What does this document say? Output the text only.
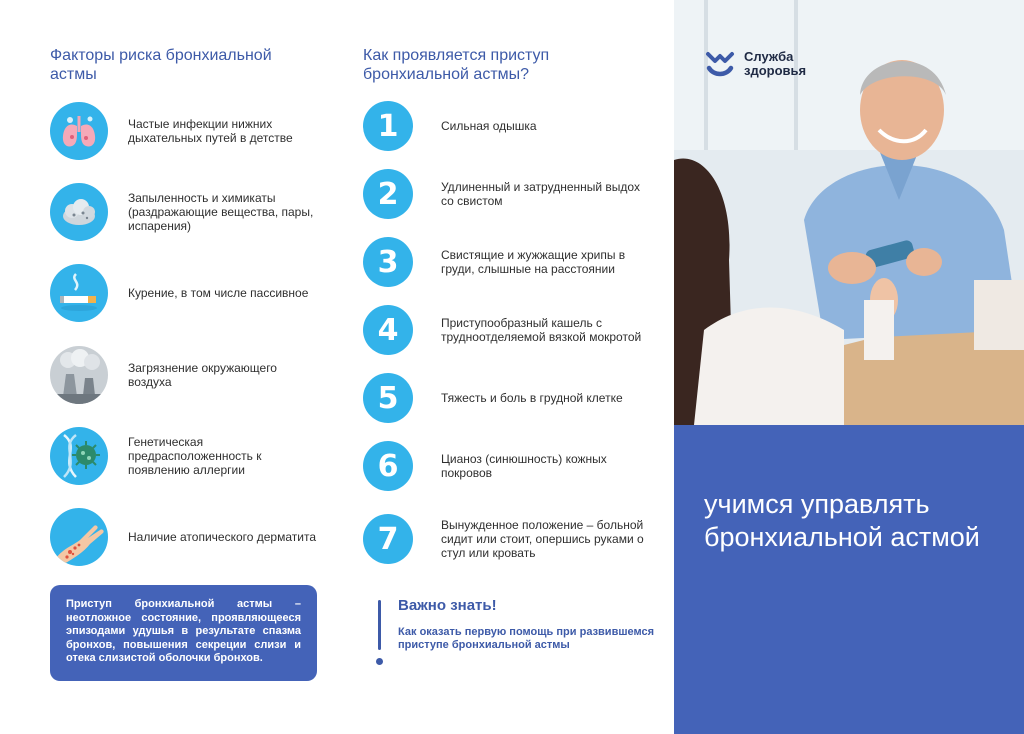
Факторы риска бронхиальной астмы
Частые инфекции нижних дыхательных путей в детстве
Запыленность и химикаты (раздражающие вещества, пары, испарения)
Курение, в том числе пассивное
Загрязнение окружающего воздуха
Генетическая предрасположенность к появлению аллергии
Наличие атопического дерматита
Приступ бронхиальной астмы – неотложное состояние, проявляющееся эпизодами удушья в результате спазма бронхов, повышения секреции слизи и отека слизистой оболочки бронхов.
Как проявляется приступ бронхиальной астмы?
1	Сильная одышка
2	Удлиненный и затрудненный выдох со свистом
3	Свистящие и жужжащие хрипы в груди, слышные на расстоянии
4	Приступообразный кашель с трудноотделяемой вязкой мокротой
5	Тяжесть и боль в грудной клетке
6	Цианоз (синюшность) кожных покровов
7	Вынужденное положение – больной сидит или стоит, опершись руками о стул или кровать
Важно знать!
Как оказать первую помощь при развившемся приступе бронхиальной астмы
Служба
здоровья
учимся управлять бронхиальной астмой
